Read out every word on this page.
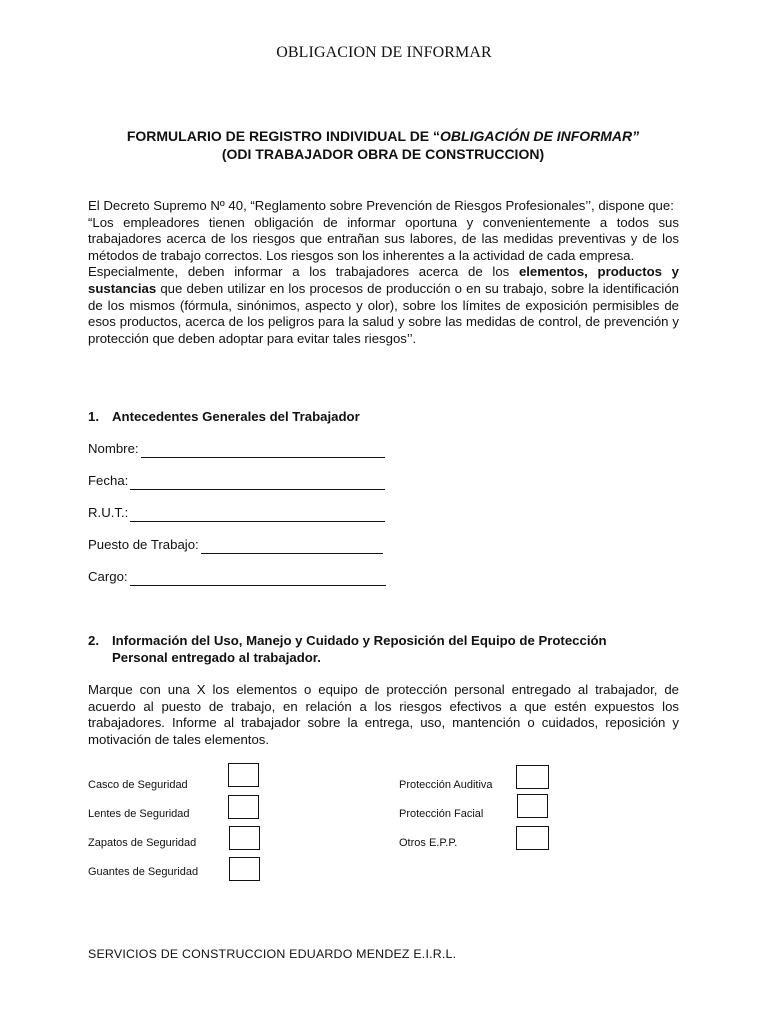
OBLIGACION DE INFORMAR
FORMULARIO DE REGISTRO INDIVIDUAL DE “OBLIGACIÓN DE INFORMAR”
(ODI TRABAJADOR OBRA DE CONSTRUCCION)

El Decreto Supremo Nº 40, “Reglamento sobre Prevención de Riesgos Profesionales’’, dispone que:

“Los empleadores tienen obligación de informar oportuna y convenientemente a todos sus trabajadores acerca de los riesgos que entrañan sus labores, de las medidas preventivas y de los métodos de trabajo correctos. Los riesgos son los inherentes a la actividad de cada empresa.

Especialmente, deben informar a los trabajadores acerca de los elementos, productos y sustancias que deben utilizar en los procesos de producción o en su trabajo, sobre la identificación de los mismos (fórmula, sinónimos, aspecto y olor), sobre los límites de exposición permisibles de esos productos, acerca de los peligros para la salud y sobre las medidas de control, de prevención y protección que deben adoptar para evitar tales riesgos’’.

1. Antecedentes Generales del Trabajador
Nombre:
Fecha:
R.U.T.:
Puesto de Trabajo:
Cargo:
2. Información del Uso, Manejo y Cuidado y Reposición del Equipo de Protección
Personal entregado al trabajador.
Marque con una X los elementos o equipo de protección personal entregado al trabajador, de acuerdo al puesto de trabajo, en relación a los riesgos efectivos a que estén expuestos los trabajadores. Informe al trabajador sobre la entrega, uso, mantención o cuidados, reposición y motivación de tales elementos.
Casco de Seguridad
Lentes de Seguridad
Zapatos de Seguridad
Guantes de Seguridad
Protección Auditiva
Protección Facial
Otros E.P.P.
SERVICIOS DE CONSTRUCCION EDUARDO MENDEZ E.I.R.L.
